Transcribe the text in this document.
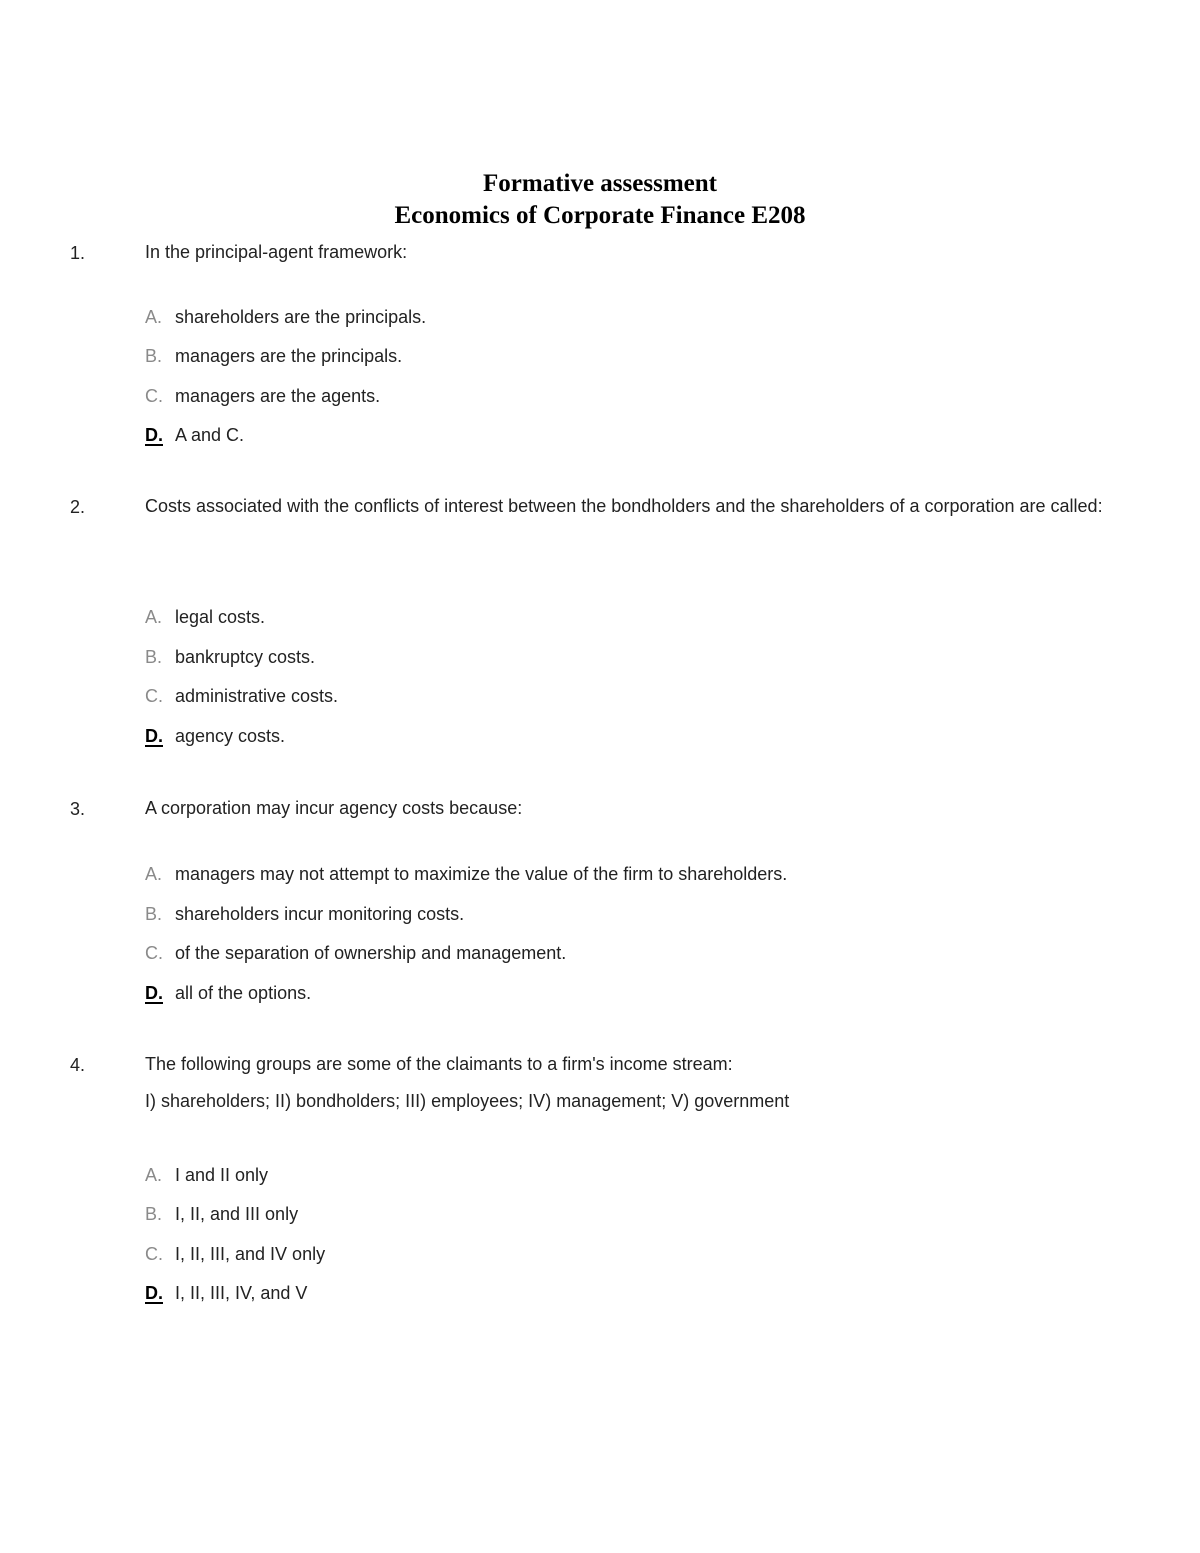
Formative assessment
Economics of Corporate Finance E208
1.	In the principal-agent framework:
A. shareholders are the principals.
B. managers are the principals.
C. managers are the agents.
D. A and C.
2.	Costs associated with the conflicts of interest between the bondholders and the shareholders of a corporation are called:
A. legal costs.
B. bankruptcy costs.
C. administrative costs.
D. agency costs.
3.	A corporation may incur agency costs because:
A. managers may not attempt to maximize the value of the firm to shareholders.
B. shareholders incur monitoring costs.
C. of the separation of ownership and management.
D. all of the options.
4.	The following groups are some of the claimants to a firm's income stream:
I) shareholders; II) bondholders; III) employees; IV) management; V) government
A. I and II only
B. I, II, and III only
C. I, II, III, and IV only
D. I, II, III, IV, and V
